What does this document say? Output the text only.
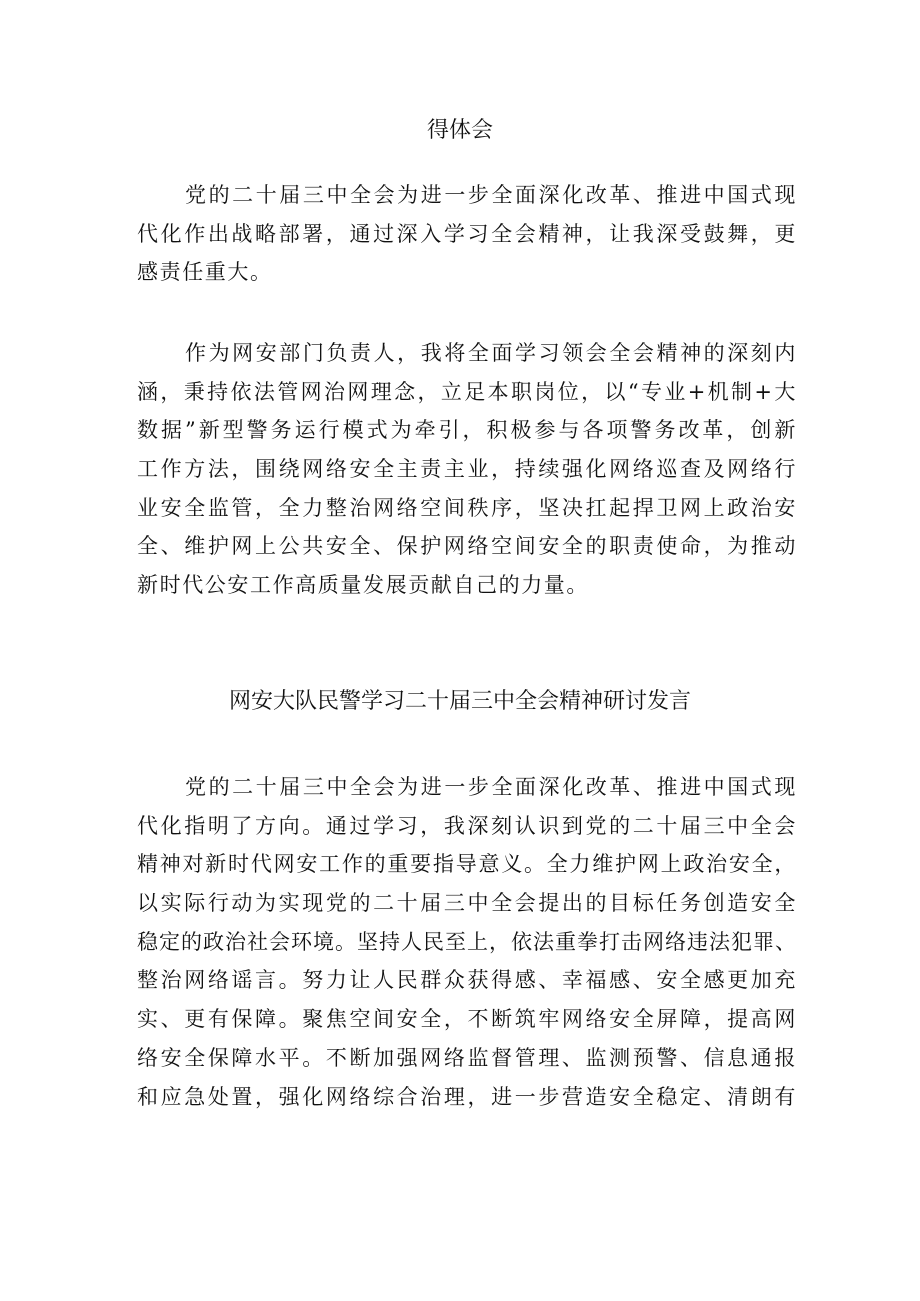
得体会
党的二十届三中全会为进一步全面深化改革、推进中国式现
代化作出战略部署，通过深入学习全会精神，让我深受鼓舞，更
感责任重大。
作为网安部门负责人，我将全面学习领会全会精神的深刻内
涵，秉持依法管网治网理念，立足本职岗位，以“专业+机制+大
数据”新型警务运行模式为牵引，积极参与各项警务改革，创新
工作方法，围绕网络安全主责主业，持续强化网络巡查及网络行
业安全监管，全力整治网络空间秩序，坚决扛起捍卫网上政治安
全、维护网上公共安全、保护网络空间安全的职责使命，为推动
新时代公安工作高质量发展贡献自己的力量。
网安大队民警学习二十届三中全会精神研讨发言
党的二十届三中全会为进一步全面深化改革、推进中国式现
代化指明了方向。通过学习，我深刻认识到党的二十届三中全会
精神对新时代网安工作的重要指导意义。全力维护网上政治安全，
以实际行动为实现党的二十届三中全会提出的目标任务创造安全
稳定的政治社会环境。坚持人民至上，依法重拳打击网络违法犯罪、
整治网络谣言。努力让人民群众获得感、幸福感、安全感更加充
实、更有保障。聚焦空间安全，不断筑牢网络安全屏障，提高网
络安全保障水平。不断加强网络监督管理、监测预警、信息通报
和应急处置，强化网络综合治理，进一步营造安全稳定、清朗有
